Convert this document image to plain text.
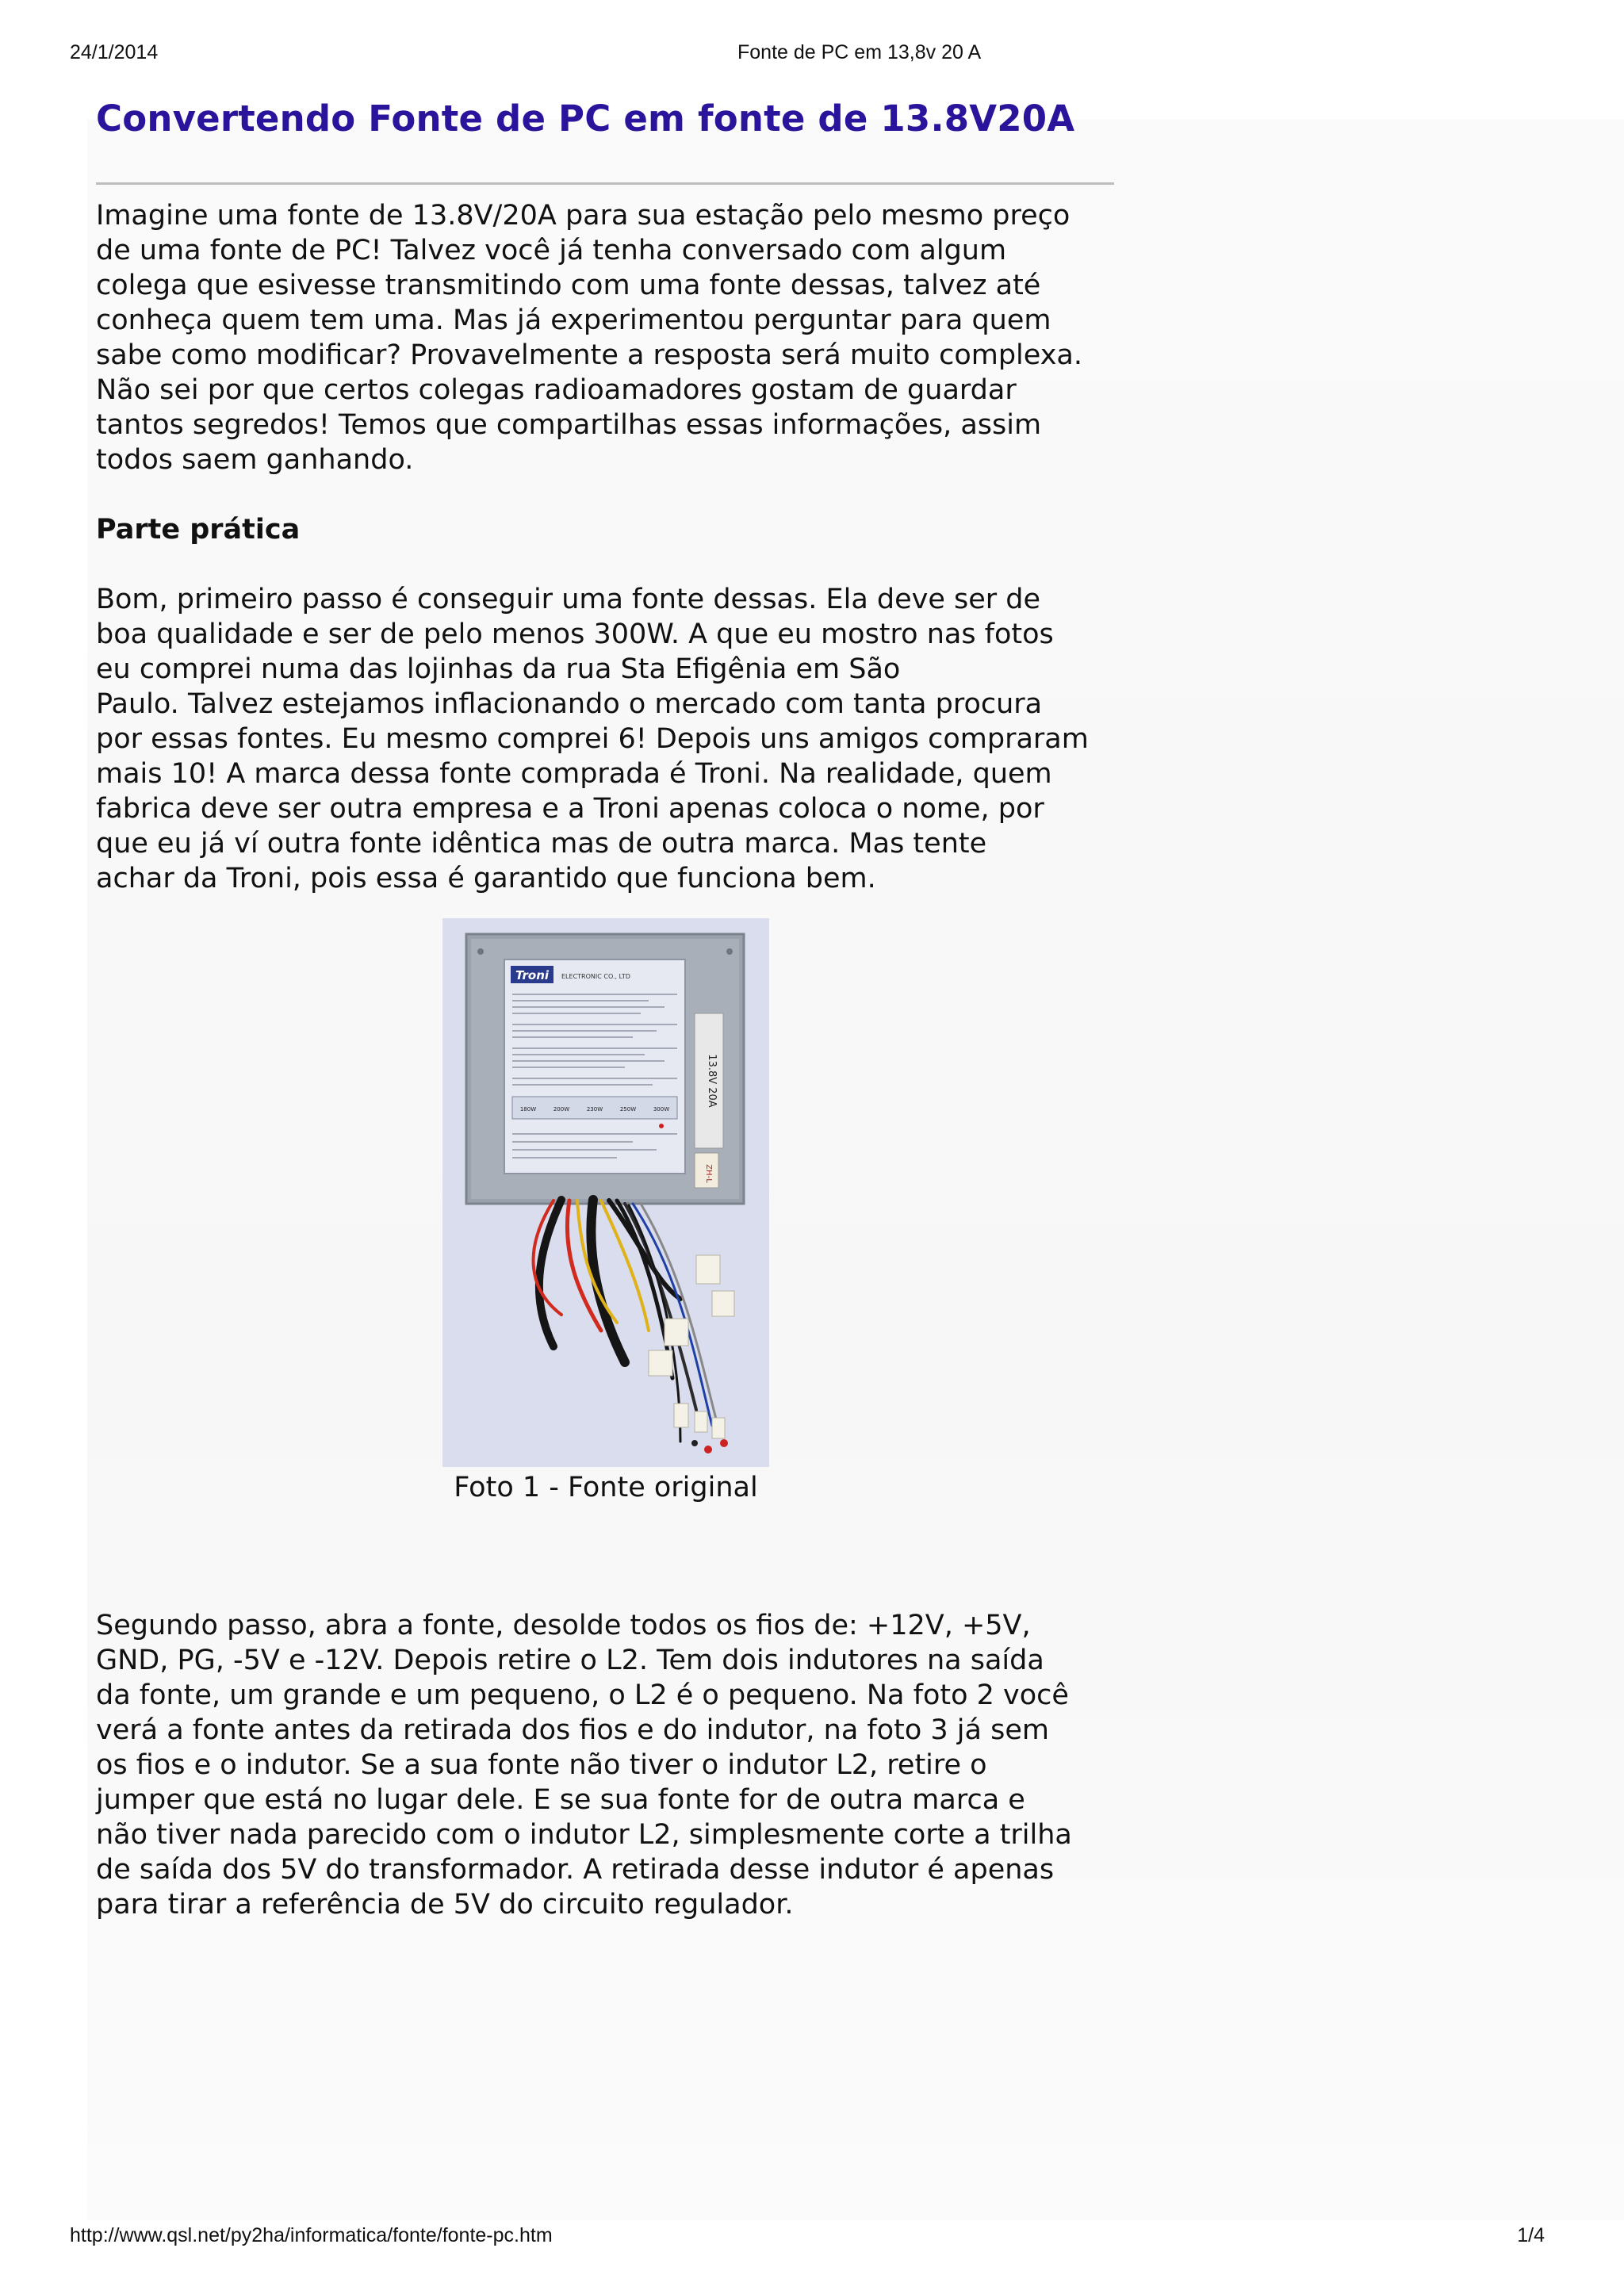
24/1/2014	Fonte de PC em 13,8v 20 A
Convertendo Fonte de PC em fonte de 13.8V20A

Imagine uma fonte de 13.8V/20A para sua estação pelo mesmo preço
de uma fonte de PC! Talvez você já tenha conversado com algum
colega que esivesse transmitindo com uma fonte dessas, talvez até
conheça quem tem uma. Mas já experimentou perguntar para quem
sabe como modificar? Provavelmente a resposta será muito complexa.
Não sei por que certos colegas radioamadores gostam de guardar
tantos segredos! Temos que compartilhas essas informações, assim
todos saem ganhando.

Parte prática

Bom, primeiro passo é conseguir uma fonte dessas. Ela deve ser de
boa qualidade e ser de pelo menos 300W. A que eu mostro nas fotos
eu comprei numa das lojinhas da rua Sta Efigênia em São
Paulo. Talvez estejamos inflacionando o mercado com tanta procura
por essas fontes. Eu mesmo comprei 6! Depois uns amigos compraram
mais 10! A marca dessa fonte comprada é Troni. Na realidade, quem
fabrica deve ser outra empresa e a Troni apenas coloca o nome, por
que eu já ví outra fonte idêntica mas de outra marca. Mas tente
achar da Troni, pois essa é garantido que funciona bem.

Segundo passo, abra a fonte, desolde todos os fios de: +12V, +5V,
GND, PG, -5V e -12V. Depois retire o L2. Tem dois indutores na saída
da fonte, um grande e um pequeno, o L2 é o pequeno. Na foto 2 você
verá a fonte antes da retirada dos fios e do indutor, na foto 3 já sem
os fios e o indutor. Se a sua fonte não tiver o indutor L2, retire o
jumper que está no lugar dele. E se sua fonte for de outra marca e
não tiver nada parecido com o indutor L2, simplesmente corte a trilha
de saída dos 5V do transformador. A retirada desse indutor é apenas
para tirar a referência de 5V do circuito regulador.

Troni ELECTRONIC CO., LTD
180W	200W	230W	250W	300W
13.8V 20A
ZH-L
Foto 1 - Fonte original
http://www.qsl.net/py2ha/informatica/fonte/fonte-pc.htm	1/4
